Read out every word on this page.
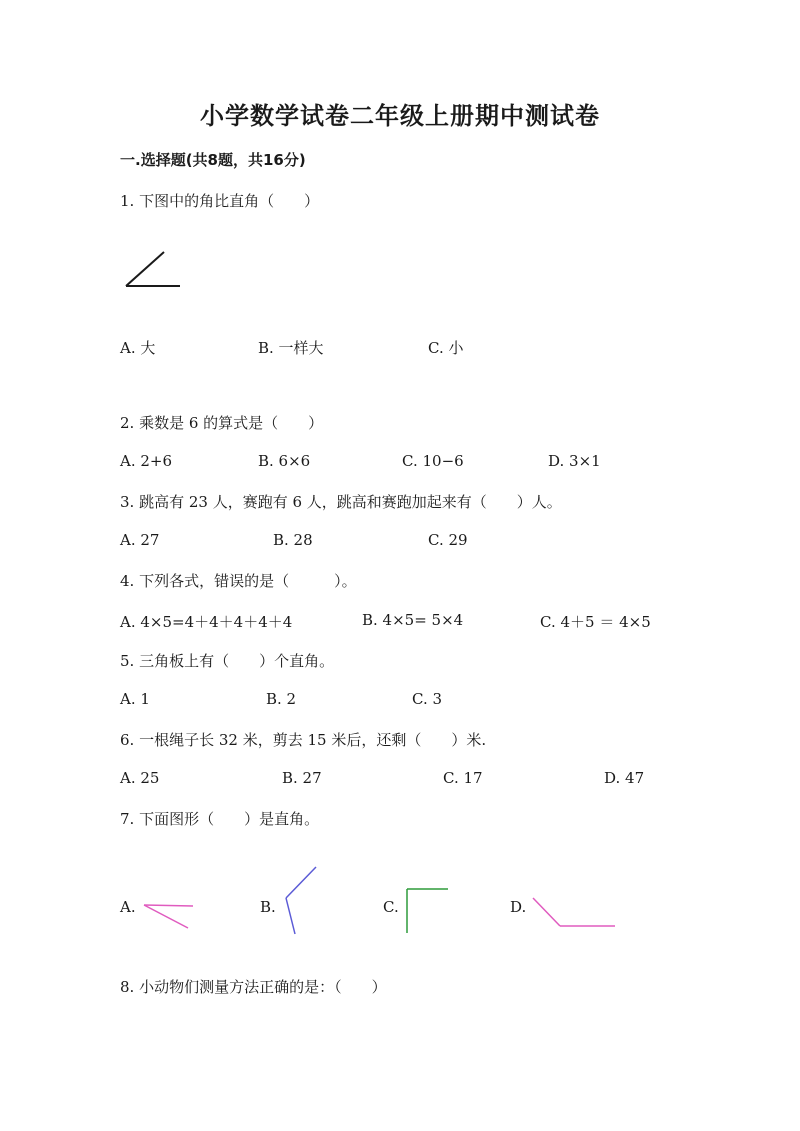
小学数学试卷二年级上册期中测试卷
一.选择题(共8题，共16分)
1. 下图中的角比直角（　　）
A. 大	B. 一样大	C. 小
2. 乘数是 6 的算式是（　　）
A. 2+6	B. 6×6	C. 10−6	D. 3×1
3. 跳高有 23 人，赛跑有 6 人，跳高和赛跑加起来有（　　）人。
A. 27	B. 28	C. 29
4. 下列各式，错误的是（　　　）。
A. 4×5=4＋4＋4＋4＋4	B. 4×5= 5×4	C. 4＋5 ＝ 4×5
5. 三角板上有（　　）个直角。
A. 1	B. 2	C. 3
6. 一根绳子长 32 米，剪去 15 米后，还剩（　　）米.
A. 25	B. 27	C. 17	D. 47
7. 下面图形（　　）是直角。
A.	B.	C.	D.
8. 小动物们测量方法正确的是：（　　）
